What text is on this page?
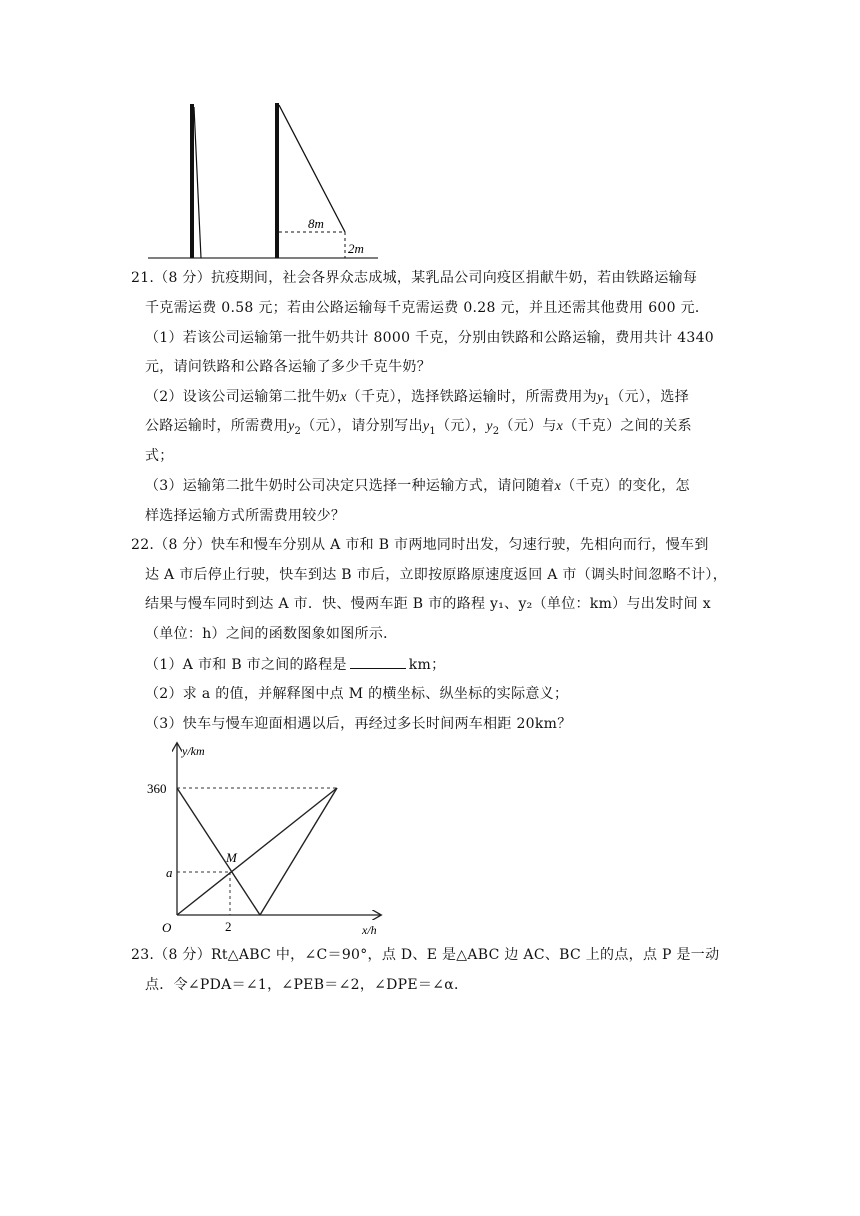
8m
2m
21.（8 分）抗疫期间，社会各界众志成城，某乳品公司向疫区捐献牛奶，若由铁路运输每
千克需运费 0.58 元；若由公路运输每千克需运费 0.28 元，并且还需其他费用 600 元．
（1）若该公司运输第一批牛奶共计 8000 千克，分别由铁路和公路运输，费用共计 4340
元，请问铁路和公路各运输了多少千克牛奶？
（2）设该公司运输第二批牛奶x（千克），选择铁路运输时，所需费用为$y_1$（元），选择
公路运输时，所需费用$y_2$（元），请分别写出$y_1$（元），$y_2$（元）与x（千克）之间的关系
式；
（3）运输第二批牛奶时公司决定只选择一种运输方式，请问随着x（千克）的变化，怎
样选择运输方式所需费用较少？
22.（8 分）快车和慢车分别从 A 市和 B 市两地同时出发，匀速行驶，先相向而行，慢车到
达 A 市后停止行驶，快车到达 B 市后，立即按原路原速度返回 A 市（调头时间忽略不计），
结果与慢车同时到达 A 市．快、慢两车距 B 市的路程 y₁、y₂（单位：km）与出发时间 x
（单位：h）之间的函数图象如图所示．
（1）A 市和 B 市之间的路程是	km；
（2）求 a 的值，并解释图中点 M 的横坐标、纵坐标的实际意义；
（3）快车与慢车迎面相遇以后，再经过多长时间两车相距 20km？
y/km
x/h
O
360
a
2
M
23.（8 分）Rt△ABC 中，∠C＝90°，点 D、E 是△ABC 边 AC、BC 上的点，点 P 是一动
点．令∠PDA＝∠1，∠PEB＝∠2，∠DPE＝∠α．
